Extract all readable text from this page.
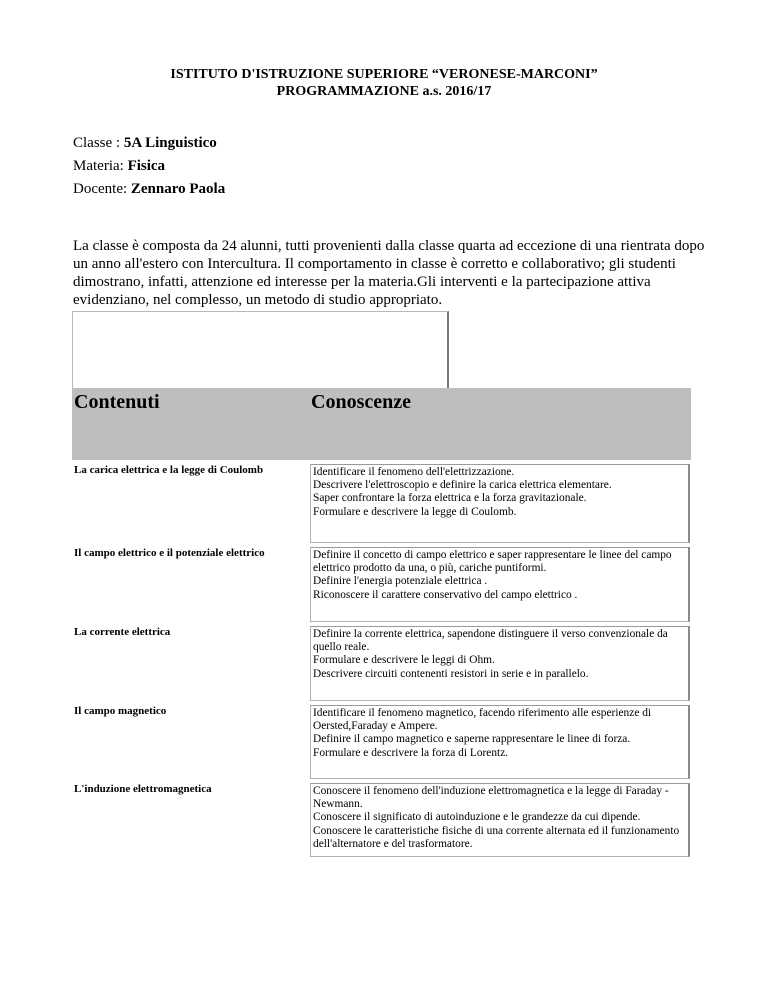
ISTITUTO D'ISTRUZIONE SUPERIORE “VERONESE-MARCONI”
PROGRAMMAZIONE a.s. 2016/17
Classe : 5A Linguistico
Materia: Fisica
Docente: Zennaro Paola
La classe è composta da 24 alunni, tutti provenienti dalla classe quarta ad eccezione di una rientrata dopo un anno all'estero con Intercultura. Il comportamento in classe è corretto e collaborativo; gli studenti dimostrano, infatti, attenzione ed interesse per la materia.Gli interventi e la partecipazione attiva evidenziano, nel complesso, un metodo di studio appropriato.
Contenuti	Conoscenze
La carica elettrica e la legge di Coulomb	Identificare il fenomeno dell'elettrizzazione.
Descrivere l'elettroscopio e definire la carica elettrica elementare.
Saper confrontare la forza elettrica e la forza gravitazionale.
Formulare e descrivere la legge di Coulomb.
Il campo elettrico e il potenziale elettrico	Definire il concetto di campo elettrico e saper rappresentare le linee del campo elettrico prodotto da una, o più, cariche puntiformi.
Definire l'energia potenziale elettrica .
Riconoscere il carattere conservativo del campo elettrico .
La corrente elettrica	Definire la corrente elettrica, sapendone distinguere il verso convenzionale da quello reale.
Formulare e descrivere le leggi di Ohm.
Descrivere circuiti contenenti resistori in serie e in parallelo.
Il campo magnetico	Identificare il fenomeno magnetico, facendo riferimento alle esperienze di Oersted,Faraday e Ampere.
Definire il campo magnetico e saperne rappresentare le linee di forza.
Formulare e descrivere la forza di Lorentz.
L'induzione elettromagnetica	Conoscere il fenomeno dell'induzione elettromagnetica e la legge di Faraday - Newmann.
Conoscere il significato di autoinduzione e le grandezze da cui dipende.
Conoscere le caratteristiche fisiche di una corrente alternata ed il funzionamento dell'alternatore e del trasformatore.
